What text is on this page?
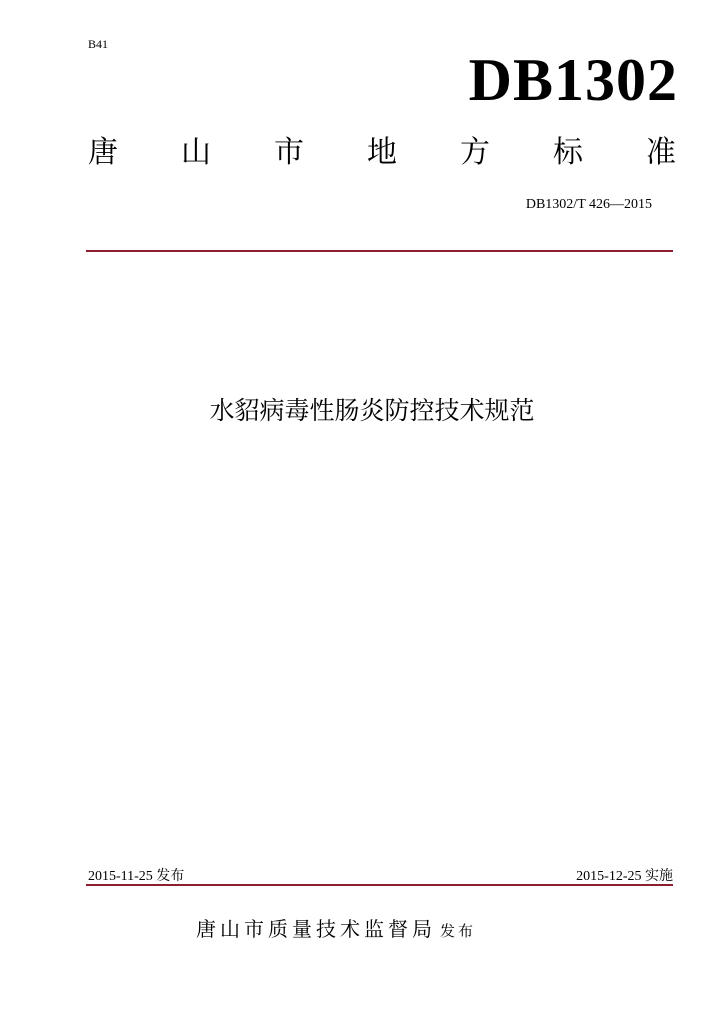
B41
DB1302
唐 山 市 地 方 标 准
DB1302/T 426—2015
水貂病毒性肠炎防控技术规范
2015-11-25 发布	2015-12-25 实施
唐山市质量技术监督局 发布
